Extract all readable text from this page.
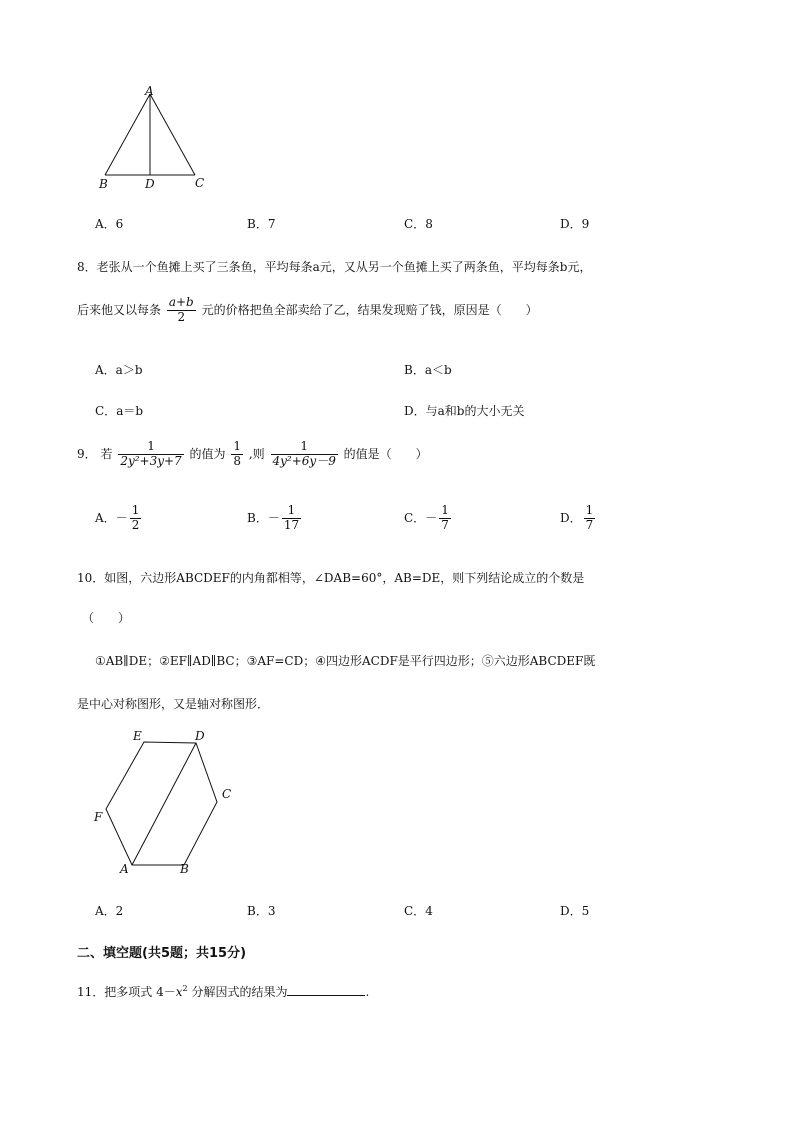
A
B	D	C
A．6	B．7	C．8	D．9
8．老张从一个鱼摊上买了三条鱼，平均每条a元，又从另一个鱼摊上买了两条鱼，平均每条b元，
后来他又以每条 $\frac{a+b}{2}$ 元的价格把鱼全部卖给了乙，结果发现赔了钱，原因是（　　）
A．a＞b	B．a＜b
C．a＝b	D．与a和b的大小无关
9． 若 $\frac{1}{\text{2y²+3y+7}}$ 的值为 $\frac{1}{8}$ ,则 $\frac{1}{\text{4y²+6y－9}}$ 的值是（　　）
A．－ $\frac{1}{2}$	B．－ $\frac{1}{17}$	C．－ $\frac{1}{7}$	D． $\frac{1}{7}$
10．如图，六边形ABCDEF的内角都相等，∠DAB=60°，AB=DE，则下列结论成立的个数是
（　　）
①AB∥DE；②EF∥AD∥BC；③AF=CD；④四边形ACDF是平行四边形；⑤六边形ABCDEF既
是中心对称图形，又是轴对称图形．
E	D
C
F
A	B
A．2	B．3	C．4	D．5
二、填空题(共5题；共15分)
11．把多项式 $4-x^2$ 分解因式的结果为	.
